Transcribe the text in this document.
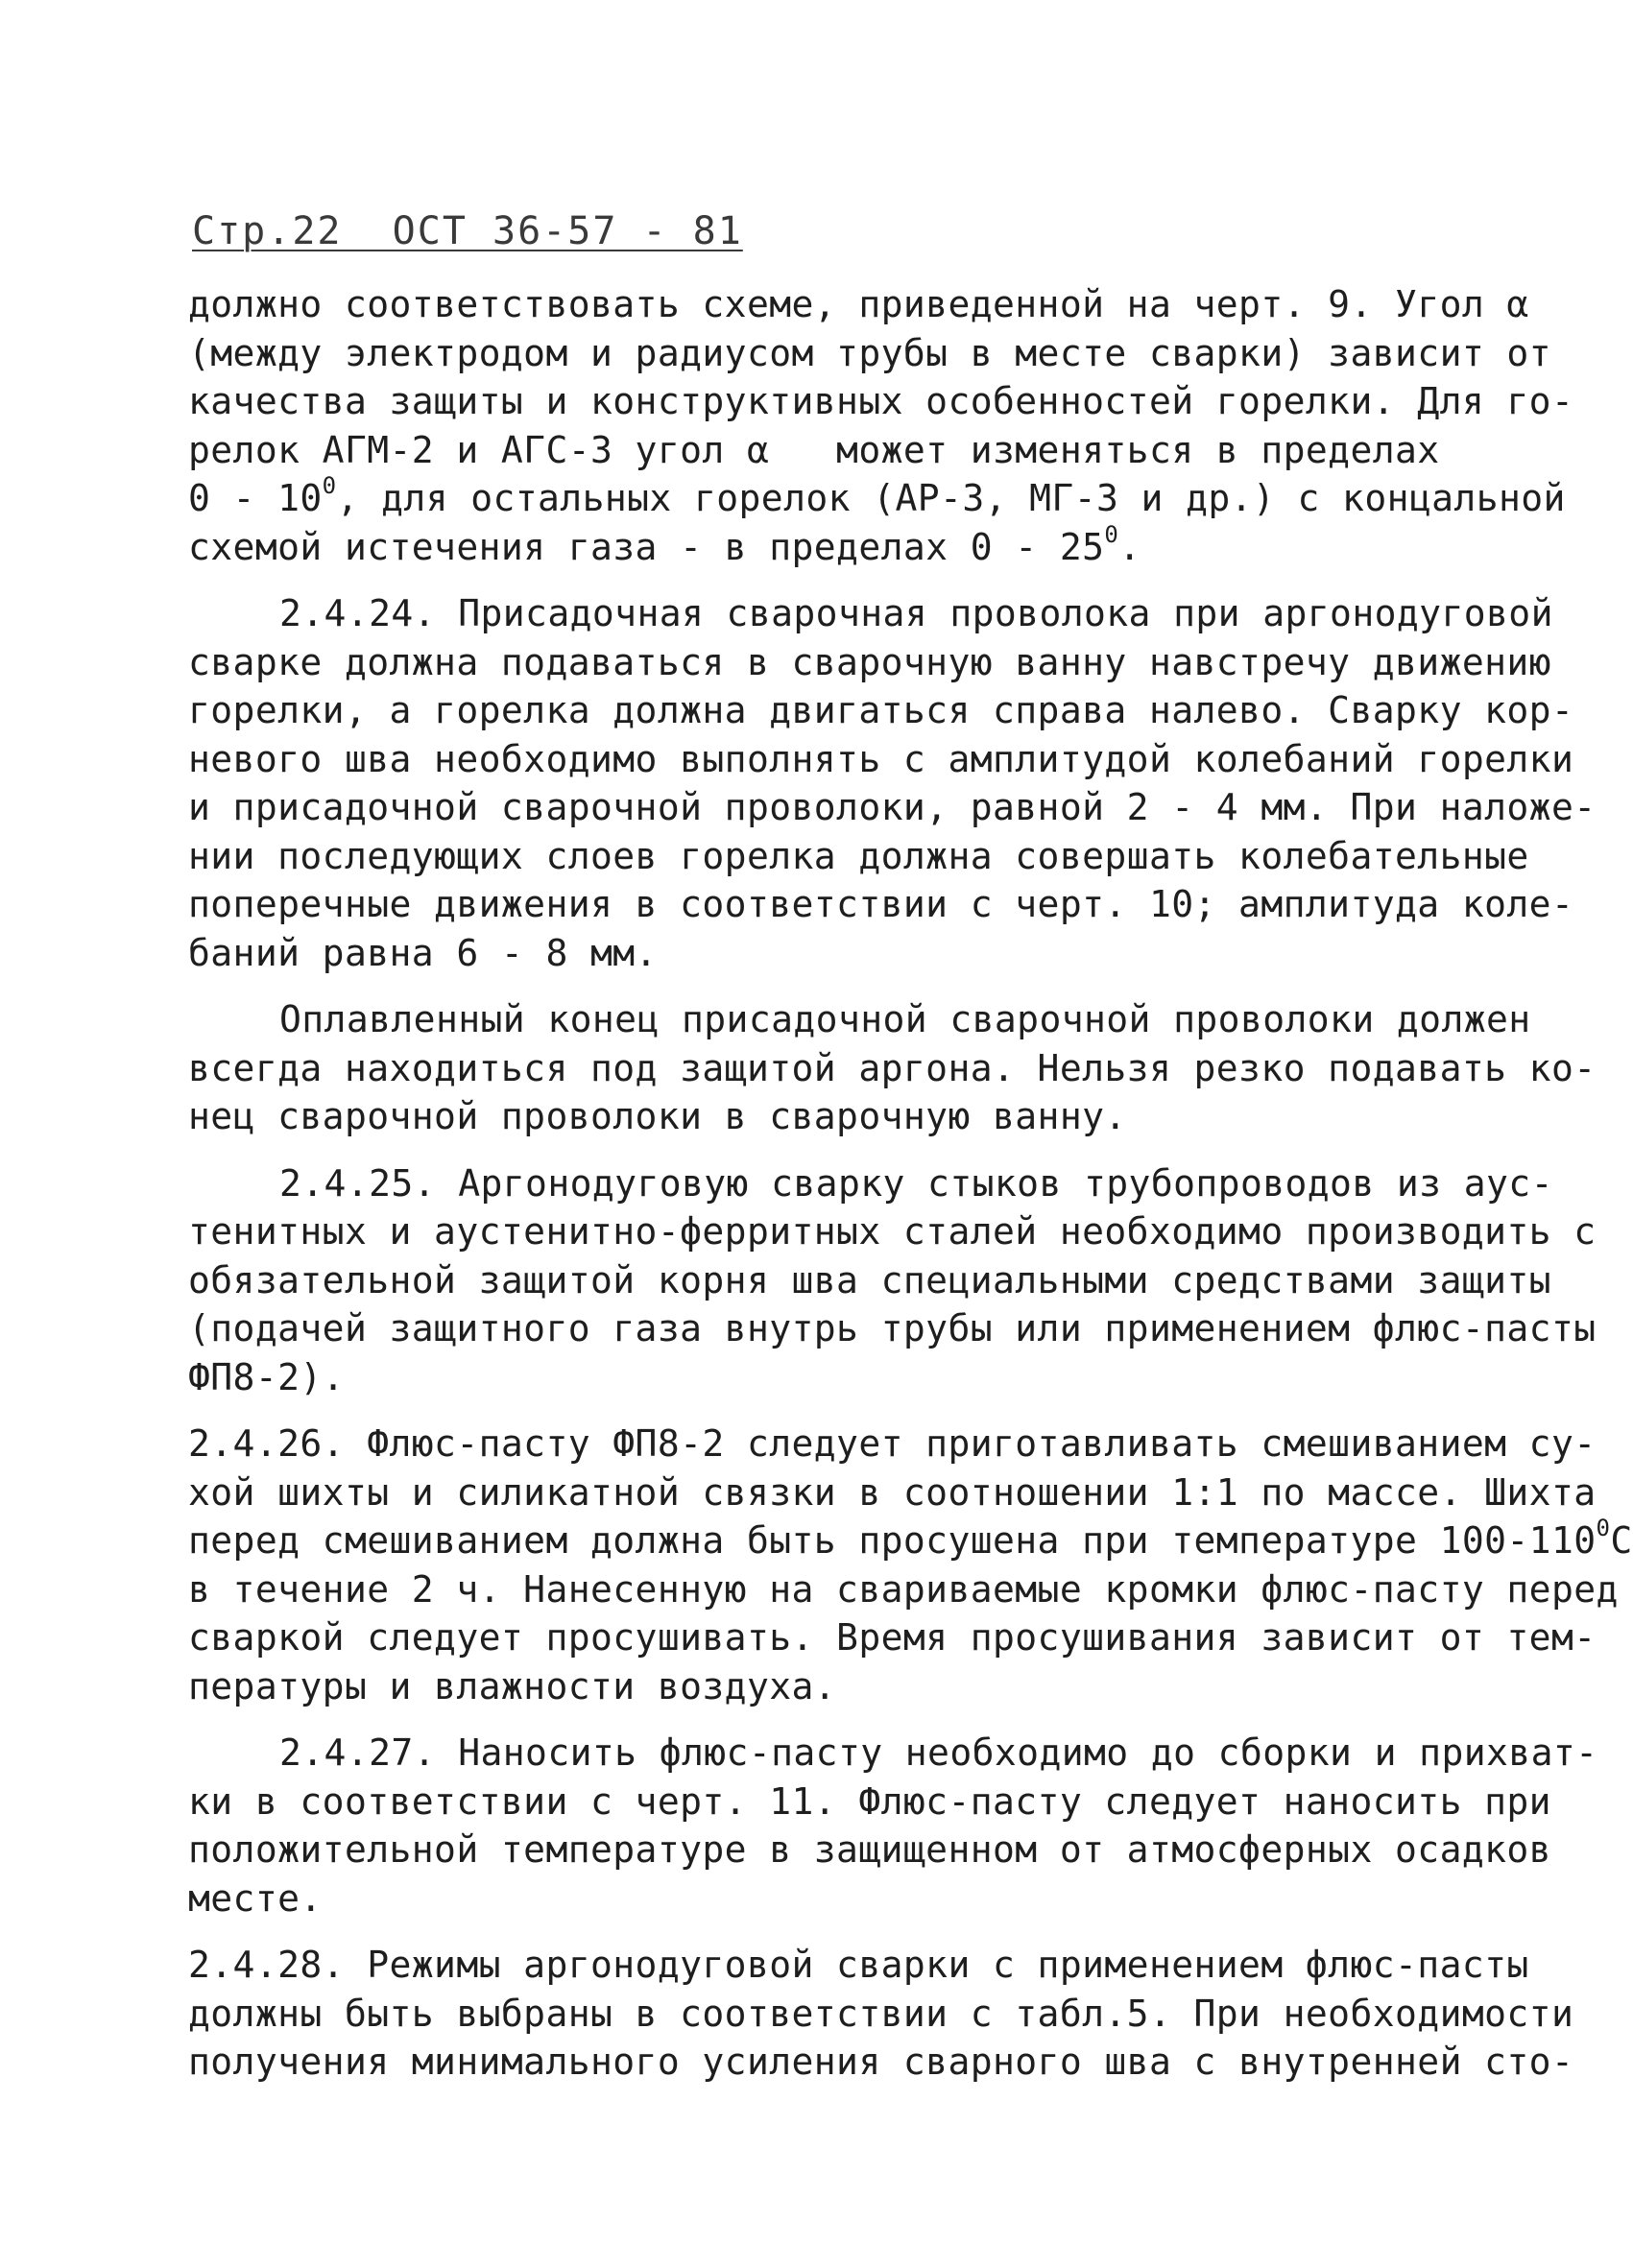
Стр.22  ОСТ 36-57 - 81
должно соответствовать схеме, приведенной на черт. 9. Угол α
(между электродом и радиусом трубы в месте сварки) зависит от
качества защиты и конструктивных особенностей горелки. Для го-
релок АГМ-2 и АГС-3 угол α   может изменяться в пределах
$0 - 10^0$, для остальных горелок (АР-3, МГ-3 и др.) с концальной
схемой истечения газа - в пределах $0 - 25^0$.
2.4.24. Присадочная сварочная проволока при аргонодуговой
сварке должна подаваться в сварочную ванну навстречу движению
горелки, а горелка должна двигаться справа налево. Сварку кор-
невого шва необходимо выполнять с амплитудой колебаний горелки
и присадочной сварочной проволоки, равной 2 - 4 мм. При наложе-
нии последующих слоев горелка должна совершать колебательные
поперечные движения в соответствии с черт. 10; амплитуда коле-
баний равна 6 - 8 мм.
Оплавленный конец присадочной сварочной проволоки должен
всегда находиться под защитой аргона. Нельзя резко подавать ко-
нец сварочной проволоки в сварочную ванну.
2.4.25. Аргонодуговую сварку стыков трубопроводов из аус-
тенитных и аустенитно-ферритных сталей необходимо производить с
обязательной защитой корня шва специальными средствами защиты
(подачей защитного газа внутрь трубы или применением флюс-пасты
ФП8-2).
2.4.26. Флюс-пасту ФП8-2 следует приготавливать смешиванием су-
хой шихты и силикатной связки в соотношении 1:1 по массе. Шихта
перед смешиванием должна быть просушена при температуре $100-110^0С$
в течение 2 ч. Нанесенную на свариваемые кромки флюс-пасту перед
сваркой следует просушивать. Время просушивания зависит от тем-
пературы и влажности воздуха.
2.4.27. Наносить флюс-пасту необходимо до сборки и прихват-
ки в соответствии с черт. 11. Флюс-пасту следует наносить при
положительной температуре в защищенном от атмосферных осадков
месте.
2.4.28. Режимы аргонодуговой сварки с применением флюс-пасты
должны быть выбраны в соответствии с табл.5. При необходимости
получения минимального усиления сварного шва с внутренней сто-
